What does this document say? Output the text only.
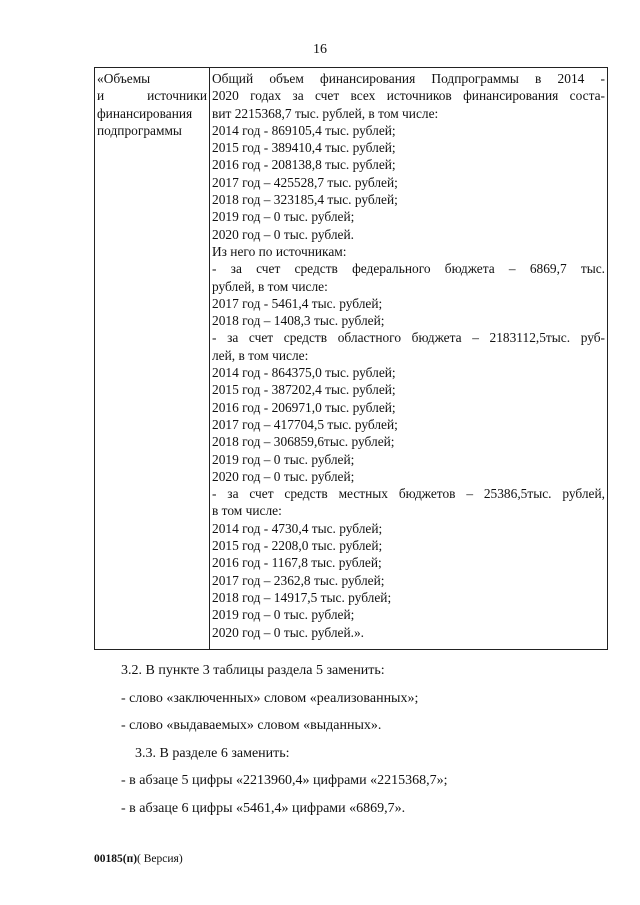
16
«Объемы
и        источники
финансирования
подпрограммы

Общий объем финансирования Подпрограммы в 2014 -
2020 годах за счет всех источников финансирования соста-
вит 2215368,7 тыс. рублей, в том числе:
2014 год - 869105,4 тыс. рублей;
2015 год - 389410,4 тыс. рублей;
2016 год - 208138,8 тыс. рублей;
2017 год – 425528,7 тыс. рублей;
2018 год – 323185,4 тыс. рублей;
2019 год – 0 тыс. рублей;
2020 год – 0 тыс. рублей.
Из него по источникам:
- за счет средств федерального бюджета – 6869,7 тыс.
рублей, в том числе:
2017 год - 5461,4 тыс. рублей;
2018 год – 1408,3 тыс. рублей;
- за счет средств областного бюджета – 2183112,5тыс. руб-
лей, в том числе:
2014 год - 864375,0 тыс. рублей;
2015 год - 387202,4 тыс. рублей;
2016 год - 206971,0 тыс. рублей;
2017 год – 417704,5 тыс. рублей;
2018 год – 306859,6тыс. рублей;
2019 год – 0 тыс. рублей;
2020 год – 0 тыс. рублей;
- за счет средств местных бюджетов – 25386,5тыс. рублей,
в том числе:
2014 год - 4730,4 тыс. рублей;
2015 год - 2208,0 тыс. рублей;
2016 год - 1167,8 тыс. рублей;
2017 год – 2362,8 тыс. рублей;
2018 год – 14917,5 тыс. рублей;
2019 год – 0 тыс. рублей;
2020 год – 0 тыс. рублей.».
3.2. В пункте 3 таблицы раздела 5 заменить:
- слово «заключенных» словом «реализованных»;
- слово «выдаваемых» словом «выданных».
3.3. В разделе 6 заменить:
- в абзаце 5 цифры «2213960,4» цифрами «2215368,7»;
- в абзаце 6 цифры «5461,4» цифрами «6869,7».
00185(п)( Версия)
